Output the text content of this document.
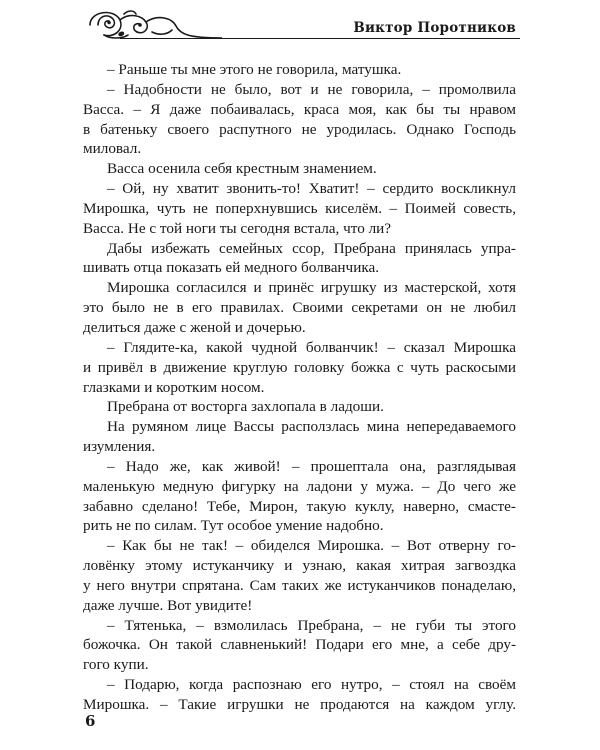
Виктор Поротников
– Раньше ты мне этого не говорила, матушка.
– Надобности не было, вот и не говорила, – промолвила
Васса. – Я даже побаивалась, краса моя, как бы ты нравом
в батеньку своего распутного не уродилась. Однако Господь
миловал.
Васса осенила себя крестным знамением.
– Ой, ну хватит звонить-то! Хватит! – сердито воскликнул
Мирошка, чуть не поперхнувшись киселём. – Поимей совесть,
Васса. Не с той ноги ты сегодня встала, что ли?
Дабы избежать семейных ссор, Пребрана принялась упра-
шивать отца показать ей медного болванчика.
Мирошка согласился и принёс игрушку из мастерской, хотя
это было не в его правилах. Своими секретами он не любил
делиться даже с женой и дочерью.
– Глядите-ка, какой чудной болванчик! – сказал Мирошка
и привёл в движение круглую головку божка с чуть раскосыми
глазками и коротким носом.
Пребрана от восторга захлопала в ладоши.
На румяном лице Вассы расползлась мина непередаваемого
изумления.
– Надо же, как живой! – прошептала она, разглядывая
маленькую медную фигурку на ладони у мужа. – До чего же
забавно сделано! Тебе, Мирон, такую куклу, наверно, смасте-
рить не по силам. Тут особое умение надобно.
– Как бы не так! – обиделся Мирошка. – Вот отверну го-
ловёнку этому истуканчику и узнаю, какая хитрая загвоздка
у него внутри спрятана. Сам таких же истуканчиков понаделаю,
даже лучше. Вот увидите!
– Тятенька, – взмолилась Пребрана, – не губи ты этого
божочка. Он такой славненький! Подари его мне, а себе дру-
гого купи.
– Подарю, когда распознаю его нутро, – стоял на своём
Мирошка. – Такие игрушки не продаются на каждом углу.
6
